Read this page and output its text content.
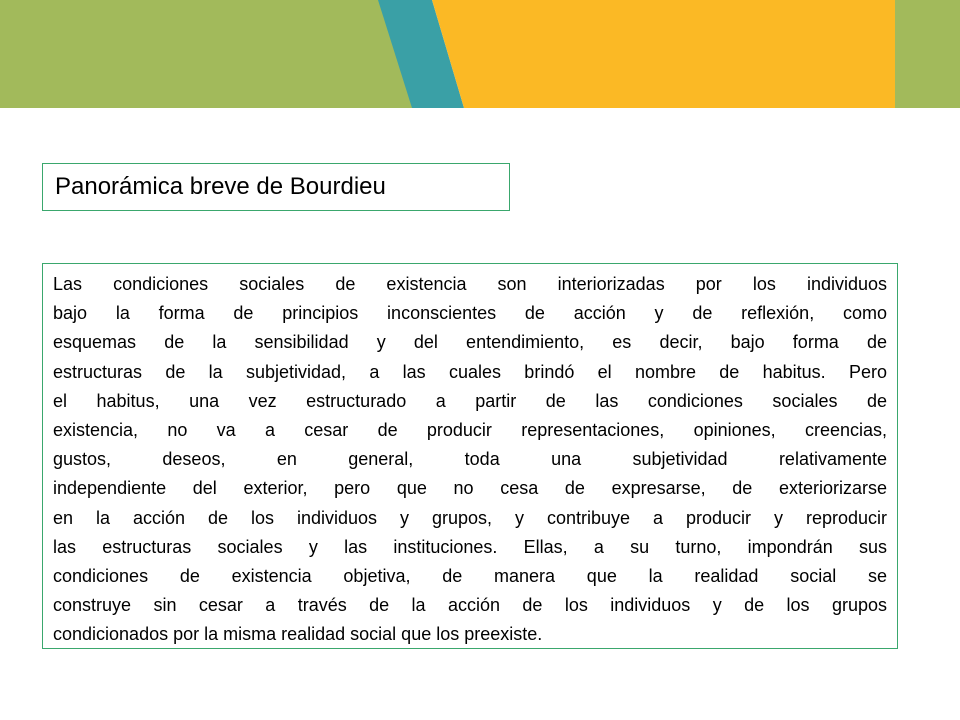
Panorámica breve de Bourdieu
Las condiciones sociales de existencia son interiorizadas por los individuos
bajo la forma de principios inconscientes de acción y de reflexión, como
esquemas de la sensibilidad y del entendimiento, es decir, bajo forma de
estructuras de la subjetividad, a las cuales brindó el nombre de habitus. Pero
el habitus, una vez estructurado a partir de las condiciones sociales de
existencia, no va a cesar de producir representaciones, opiniones, creencias,
gustos, deseos, en general, toda una subjetividad relativamente
independiente del exterior, pero que no cesa de expresarse, de exteriorizarse
en la acción de los individuos y grupos, y contribuye a producir y reproducir
las estructuras sociales y las instituciones. Ellas, a su turno, impondrán sus
condiciones de existencia objetiva, de manera que la realidad social se
construye sin cesar a través de la acción de los individuos y de los grupos
condicionados por la misma realidad social que los preexiste.
